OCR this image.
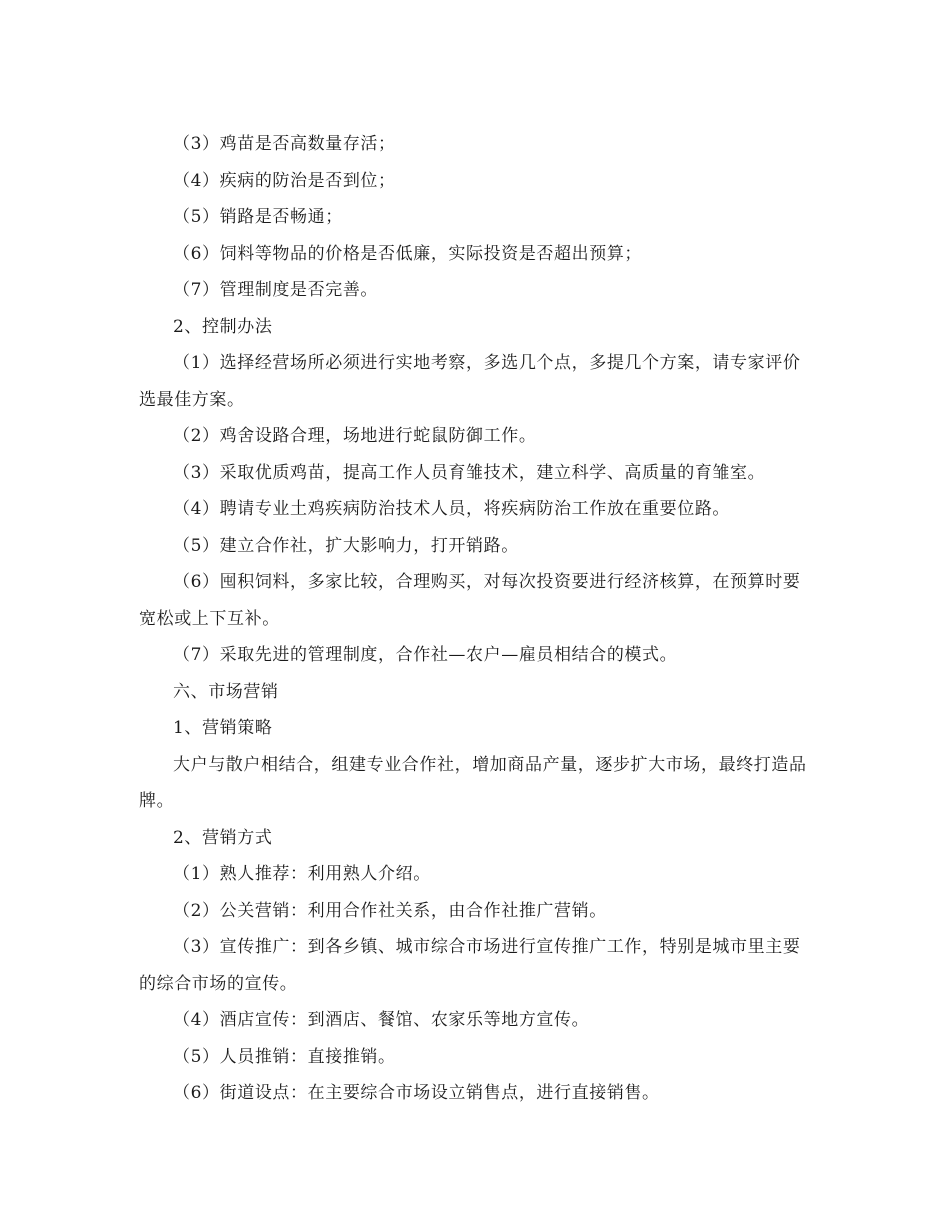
（3）鸡苗是否高数量存活；

（4）疾病的防治是否到位；

（5）销路是否畅通；

（6）饲料等物品的价格是否低廉，实际投资是否超出预算；

（7）管理制度是否完善。

2、控制办法

（1）选择经营场所必须进行实地考察，多选几个点，多提几个方案，请专家评价选最佳方案。

（2）鸡舍设路合理，场地进行蛇鼠防御工作。

（3）采取优质鸡苗，提高工作人员育雏技术，建立科学、高质量的育雏室。

（4）聘请专业土鸡疾病防治技术人员，将疾病防治工作放在重要位路。

（5）建立合作社，扩大影响力，打开销路。

（6）囤积饲料，多家比较，合理购买，对每次投资要进行经济核算，在预算时要宽松或上下互补。

（7）采取先进的管理制度，合作社—农户—雇员相结合的模式。

六、市场营销

1、营销策略

大户与散户相结合，组建专业合作社，增加商品产量，逐步扩大市场，最终打造品牌。

2、营销方式

（1）熟人推荐：利用熟人介绍。

（2）公关营销：利用合作社关系，由合作社推广营销。

（3）宣传推广：到各乡镇、城市综合市场进行宣传推广工作，特别是城市里主要的综合市场的宣传。

（4）酒店宣传：到酒店、餐馆、农家乐等地方宣传。

（5）人员推销：直接推销。

（6）街道设点：在主要综合市场设立销售点，进行直接销售。
